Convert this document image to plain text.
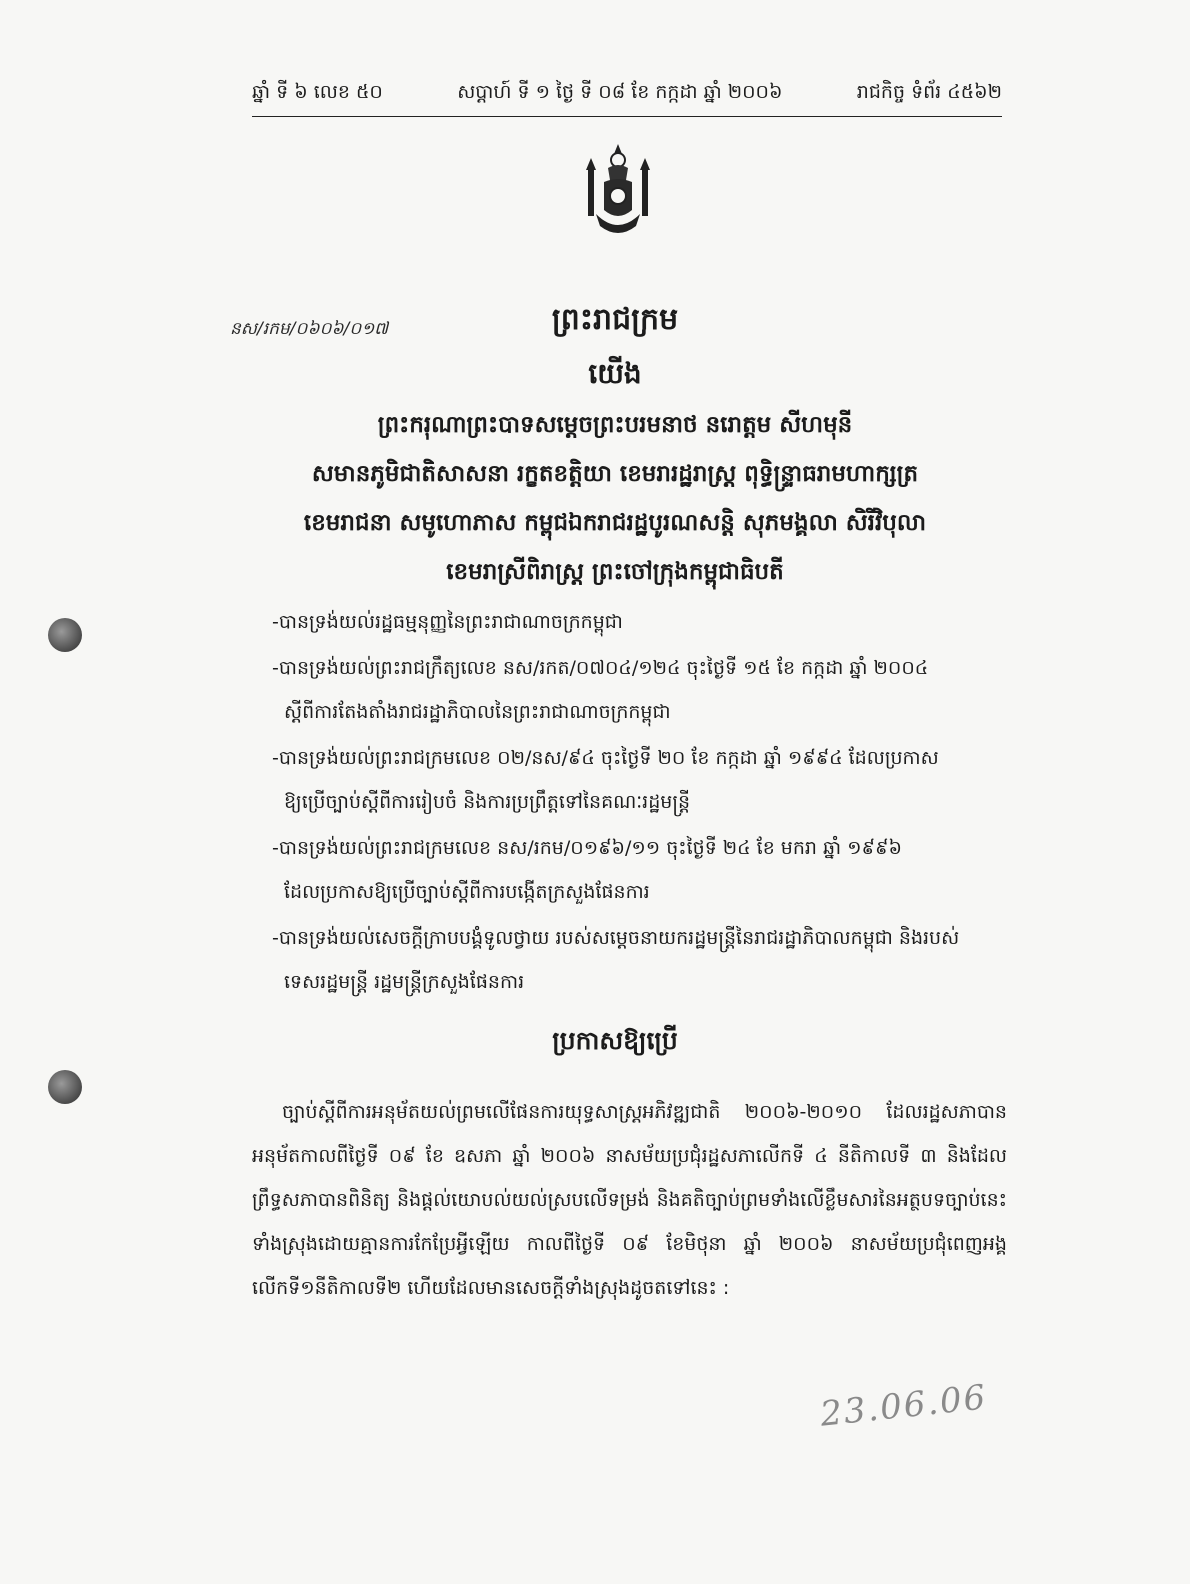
ឆ្នាំ ទី ៦ លេខ ៥០	សប្តាហ៍ ទី ១ ថ្ងៃ ទី ០៨ ខែ កក្កដា ឆ្នាំ ២០០៦	រាជកិច្ច ទំព័រ ៤៥៦២
នស/រកម/០៦០៦/០១៧	ព្រះរាជក្រម
យើង
ព្រះករុណាព្រះបាទសម្តេចព្រះបរមនាថ នរោត្តម សីហមុនី
សមានភូមិជាតិសាសនា រក្ខតខត្តិយា ខេមរារដ្ឋរាស្ត្រ ពុទ្ធិន្ទ្រាធរាមហាក្សត្រ
ខេមរាជនា សមូហោភាស កម្ពុជឯករាជរដ្ឋបូរណសន្តិ សុភមង្គលា សិរីវិបុលា
ខេមរាស្រីពិរាស្ត្រ ព្រះចៅក្រុងកម្ពុជាធិបតី
-បានទ្រង់យល់រដ្ឋធម្មនុញ្ញនៃព្រះរាជាណាចក្រកម្ពុជា
-បានទ្រង់យល់ព្រះរាជក្រឹត្យលេខ នស/រកត/០៧០៤/១២៤ ចុះថ្ងៃទី ១៥ ខែ កក្កដា ឆ្នាំ ២០០៤
ស្តីពីការតែងតាំងរាជរដ្ឋាភិបាលនៃព្រះរាជាណាចក្រកម្ពុជា
-បានទ្រង់យល់ព្រះរាជក្រមលេខ ០២/នស/៩៤ ចុះថ្ងៃទី ២០ ខែ កក្កដា ឆ្នាំ ១៩៩៤ ដែលប្រកាស
ឱ្យប្រើច្បាប់ស្តីពីការរៀបចំ និងការប្រព្រឹត្តទៅនៃគណៈរដ្ឋមន្ត្រី
-បានទ្រង់យល់ព្រះរាជក្រមលេខ នស/រកម/០១៩៦/១១ ចុះថ្ងៃទី ២៤ ខែ មករា ឆ្នាំ ១៩៩៦
ដែលប្រកាសឱ្យប្រើច្បាប់ស្តីពីការបង្កើតក្រសួងផែនការ
-បានទ្រង់យល់សេចក្តីក្រាបបង្គំទូលថ្វាយ របស់សម្តេចនាយករដ្ឋមន្ត្រីនៃរាជរដ្ឋាភិបាលកម្ពុជា និងរបស់
ទេសរដ្ឋមន្ត្រី រដ្ឋមន្ត្រីក្រសួងផែនការ
ប្រកាសឱ្យប្រើ
ច្បាប់ស្តីពីការអនុម័តយល់ព្រមលើផែនការយុទ្ធសាស្ត្រអភិវឌ្ឍជាតិ ២០០៦-២០១០ ដែលរដ្ឋសភាបានអនុម័តកាលពីថ្ងៃទី ០៩ ខែ ឧសភា ឆ្នាំ ២០០៦ នាសម័យប្រជុំរដ្ឋសភាលើកទី ៤ នីតិកាលទី ៣ និងដែលព្រឹទ្ធសភាបានពិនិត្យ និងផ្តល់យោបល់យល់ស្របលើទម្រង់ និងគតិច្បាប់ព្រមទាំងលើខ្លឹមសារនៃអត្ថបទច្បាប់នេះទាំងស្រុងដោយគ្មានការកែប្រែអ្វីឡើយ កាលពីថ្ងៃទី ០៩ ខែមិថុនា ឆ្នាំ ២០០៦ នាសម័យប្រជុំពេញអង្គលើកទី១នីតិកាលទី២ ហើយដែលមានសេចក្តីទាំងស្រុងដូចតទៅនេះ :
23.06.06
